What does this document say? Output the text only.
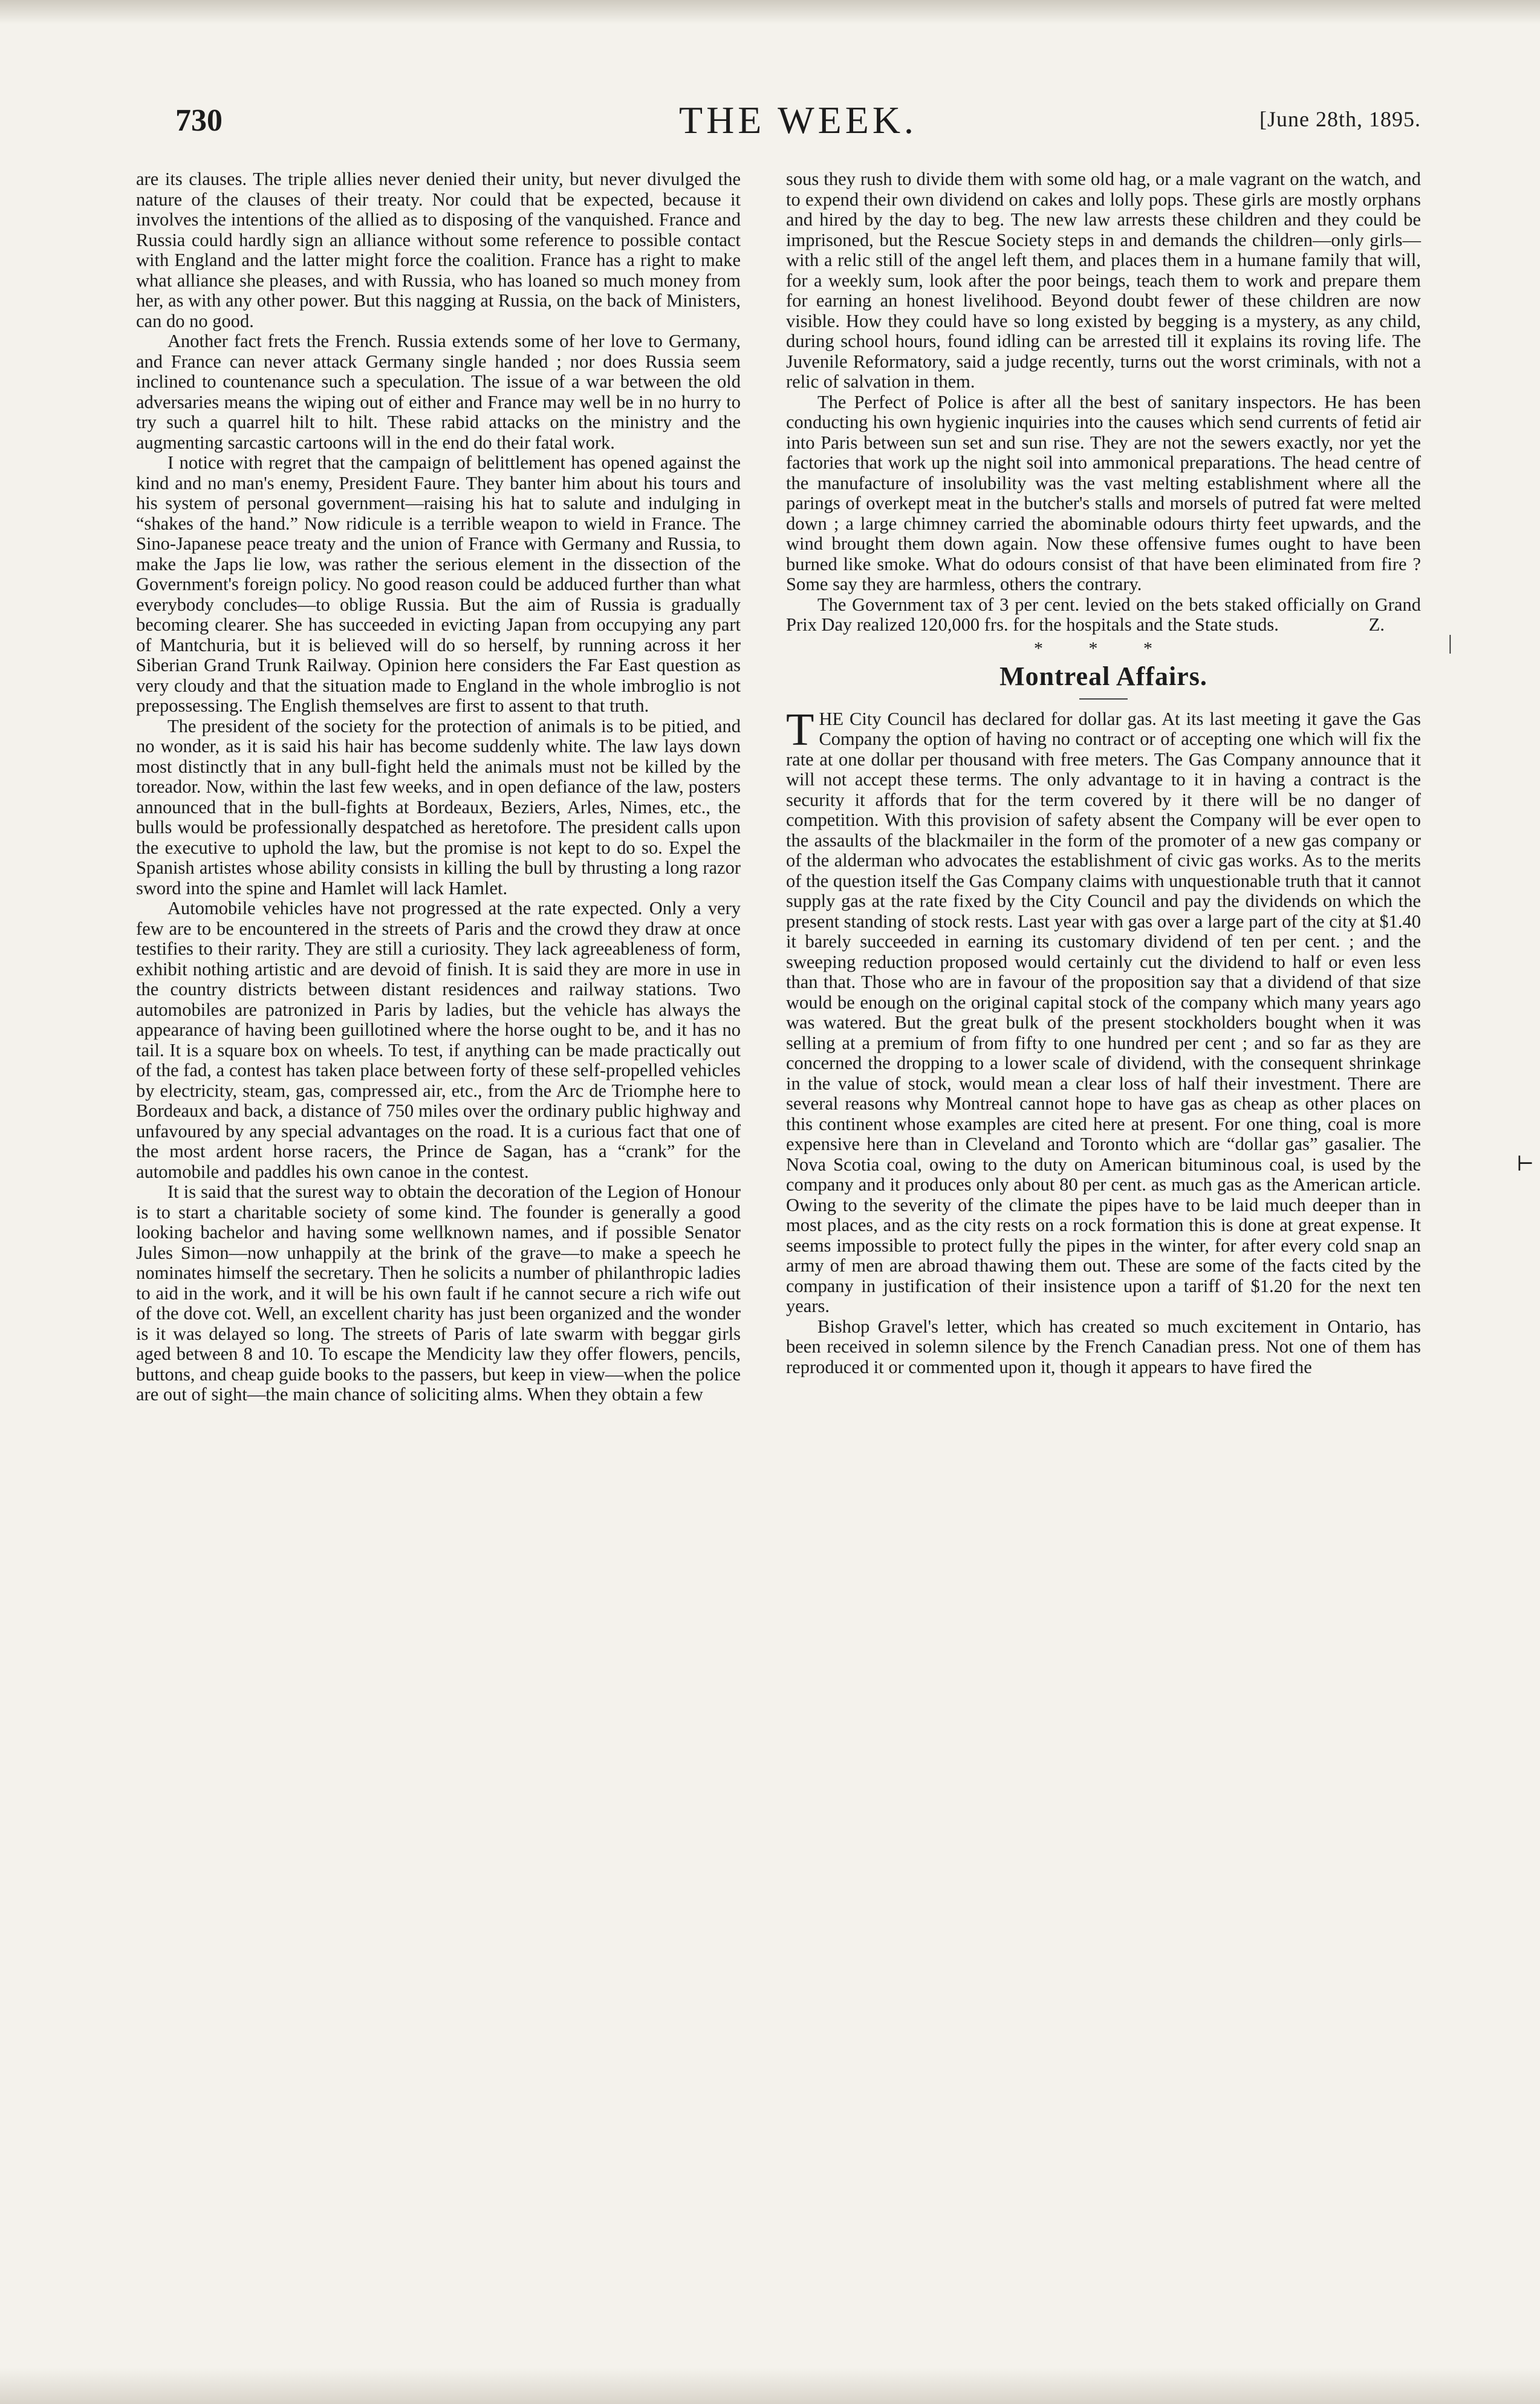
730	THE WEEK.	[June 28th, 1895.

are its clauses. The triple allies never denied their unity, but never divulged the nature of the clauses of their treaty. Nor could that be expected, because it involves the intentions of the allied as to disposing of the vanquished. France and Russia could hardly sign an alliance without some reference to possible contact with England and the latter might force the coalition. France has a right to make what alliance she pleases, and with Russia, who has loaned so much money from her, as with any other power. But this nagging at Russia, on the back of Ministers, can do no good.

Another fact frets the French. Russia extends some of her love to Germany, and France can never attack Germany single handed ; nor does Russia seem inclined to countenance such a speculation. The issue of a war between the old adversaries means the wiping out of either and France may well be in no hurry to try such a quarrel hilt to hilt. These rabid attacks on the ministry and the augmenting sarcastic cartoons will in the end do their fatal work.

I notice with regret that the campaign of belittlement has opened against the kind and no man's enemy, President Faure. They banter him about his tours and his system of personal government—raising his hat to salute and indulging in “shakes of the hand.” Now ridicule is a terrible weapon to wield in France. The Sino-Japanese peace treaty and the union of France with Germany and Russia, to make the Japs lie low, was rather the serious element in the dissection of the Government's foreign policy. No good reason could be adduced further than what everybody concludes—to oblige Russia. But the aim of Russia is gradually becoming clearer. She has succeeded in evicting Japan from occupying any part of Mantchuria, but it is believed will do so herself, by running across it her Siberian Grand Trunk Railway. Opinion here considers the Far East question as very cloudy and that the situation made to England in the whole imbroglio is not prepossessing. The English themselves are first to assent to that truth.

The president of the society for the protection of animals is to be pitied, and no wonder, as it is said his hair has become suddenly white. The law lays down most distinctly that in any bull-fight held the animals must not be killed by the toreador. Now, within the last few weeks, and in open defiance of the law, posters announced that in the bull-fights at Bordeaux, Beziers, Arles, Nimes, etc., the bulls would be professionally despatched as heretofore. The president calls upon the executive to uphold the law, but the promise is not kept to do so. Expel the Spanish artistes whose ability consists in killing the bull by thrusting a long razor sword into the spine and Hamlet will lack Hamlet.

Automobile vehicles have not progressed at the rate expected. Only a very few are to be encountered in the streets of Paris and the crowd they draw at once testifies to their rarity. They are still a curiosity. They lack agreeableness of form, exhibit nothing artistic and are devoid of finish. It is said they are more in use in the country districts between distant residences and railway stations. Two automobiles are patronized in Paris by ladies, but the vehicle has always the appearance of having been guillotined where the horse ought to be, and it has no tail. It is a square box on wheels. To test, if anything can be made practically out of the fad, a contest has taken place between forty of these self-propelled vehicles by electricity, steam, gas, compressed air, etc., from the Arc de Triomphe here to Bordeaux and back, a distance of 750 miles over the ordinary public highway and unfavoured by any special advantages on the road. It is a curious fact that one of the most ardent horse racers, the Prince de Sagan, has a “crank” for the automobile and paddles his own canoe in the contest.

It is said that the surest way to obtain the decoration of the Legion of Honour is to start a charitable society of some kind. The founder is generally a good looking bachelor and having some wellknown names, and if possible Senator Jules Simon—now unhappily at the brink of the grave—to make a speech he nominates himself the secretary. Then he solicits a number of philanthropic ladies to aid in the work, and it will be his own fault if he cannot secure a rich wife out of the dove cot. Well, an excellent charity has just been organized and the wonder is it was delayed so long. The streets of Paris of late swarm with beggar girls aged between 8 and 10. To escape the Mendicity law they offer flowers, pencils, buttons, and cheap guide books to the passers, but keep in view—when the police are out of sight—the main chance of soliciting alms. When they obtain a few

sous they rush to divide them with some old hag, or a male vagrant on the watch, and to expend their own dividend on cakes and lolly pops. These girls are mostly orphans and hired by the day to beg. The new law arrests these children and they could be imprisoned, but the Rescue Society steps in and demands the children—only girls—with a relic still of the angel left them, and places them in a humane family that will, for a weekly sum, look after the poor beings, teach them to work and prepare them for earning an honest livelihood. Beyond doubt fewer of these children are now visible. How they could have so long existed by begging is a mystery, as any child, during school hours, found idling can be arrested till it explains its roving life. The Juvenile Reformatory, said a judge recently, turns out the worst criminals, with not a relic of salvation in them.

The Perfect of Police is after all the best of sanitary inspectors. He has been conducting his own hygienic inquiries into the causes which send currents of fetid air into Paris between sun set and sun rise. They are not the sewers exactly, nor yet the factories that work up the night soil into ammonical preparations. The head centre of the manufacture of insolubility was the vast melting establishment where all the parings of overkept meat in the butcher's stalls and morsels of putred fat were melted down ; a large chimney carried the abominable odours thirty feet upwards, and the wind brought them down again. Now these offensive fumes ought to have been burned like smoke. What do odours consist of that have been eliminated from fire ? Some say they are harmless, others the contrary.

The Government tax of 3 per cent. levied on the bets staked officially on Grand Prix Day realized 120,000 frs. for the hospitals and the State studs.	Z.

* * *
Montreal Affairs.

THE City Council has declared for dollar gas. At its last meeting it gave the Gas Company the option of having no contract or of accepting one which will fix the rate at one dollar per thousand with free meters. The Gas Company announce that it will not accept these terms. The only advantage to it in having a contract is the security it affords that for the term covered by it there will be no danger of competition. With this provision of safety absent the Company will be ever open to the assaults of the blackmailer in the form of the promoter of a new gas company or of the alderman who advocates the establishment of civic gas works. As to the merits of the question itself the Gas Company claims with unquestionable truth that it cannot supply gas at the rate fixed by the City Council and pay the dividends on which the present standing of stock rests. Last year with gas over a large part of the city at $1.40 it barely succeeded in earning its customary dividend of ten per cent. ; and the sweeping reduction proposed would certainly cut the dividend to half or even less than that. Those who are in favour of the proposition say that a dividend of that size would be enough on the original capital stock of the company which many years ago was watered. But the great bulk of the present stockholders bought when it was selling at a premium of from fifty to one hundred per cent ; and so far as they are concerned the dropping to a lower scale of dividend, with the consequent shrinkage in the value of stock, would mean a clear loss of half their investment. There are several reasons why Montreal cannot hope to have gas as cheap as other places on this continent whose examples are cited here at present. For one thing, coal is more expensive here than in Cleveland and Toronto which are “dollar gas” gasalier. The Nova Scotia coal, owing to the duty on American bituminous coal, is used by the company and it produces only about 80 per cent. as much gas as the American article. Owing to the severity of the climate the pipes have to be laid much deeper than in most places, and as the city rests on a rock formation this is done at great expense. It seems impossible to protect fully the pipes in the winter, for after every cold snap an army of men are abroad thawing them out. These are some of the facts cited by the company in justification of their insistence upon a tariff of $1.20 for the next ten years.

Bishop Gravel's letter, which has created so much excitement in Ontario, has been received in solemn silence by the French Canadian press. Not one of them has reproduced it or commented upon it, though it appears to have fired the

|
⊢
